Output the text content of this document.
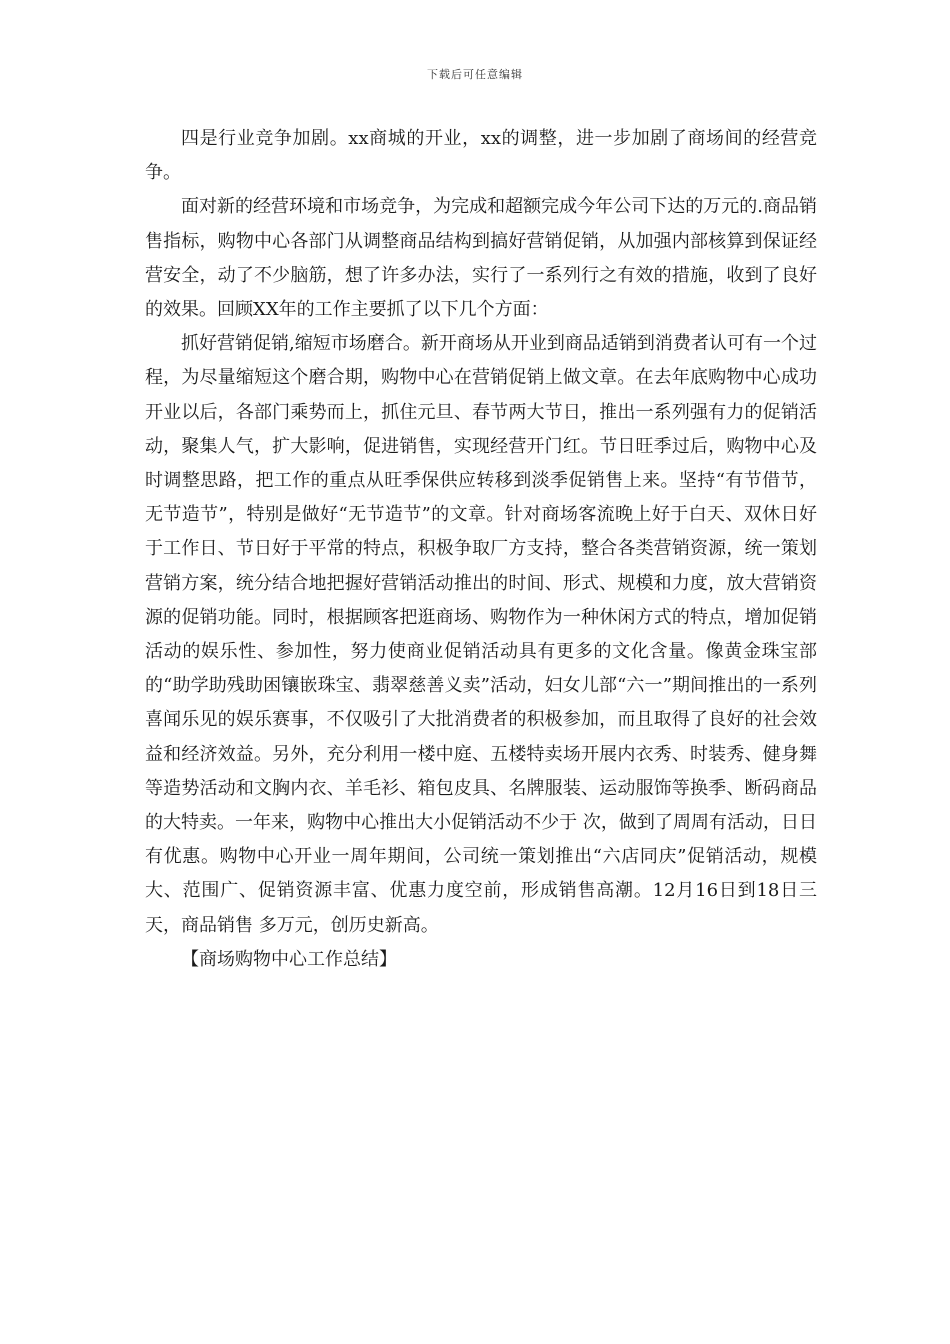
下载后可任意编辑

四是行业竞争加剧。xx商城的开业，xx的调整，进一步加剧了商场间的经营竞争。

面对新的经营环境和市场竞争，为完成和超额完成今年公司下达的万元的.商品销售指标，购物中心各部门从调整商品结构到搞好营销促销，从加强内部核算到保证经营安全，动了不少脑筋，想了许多办法，实行了一系列行之有效的措施，收到了良好的效果。回顾XX年的工作主要抓了以下几个方面：

抓好营销促销,缩短市场磨合。新开商场从开业到商品适销到消费者认可有一个过程，为尽量缩短这个磨合期，购物中心在营销促销上做文章。在去年底购物中心成功开业以后，各部门乘势而上，抓住元旦、春节两大节日，推出一系列强有力的促销活动，聚集人气，扩大影响，促进销售，实现经营开门红。节日旺季过后，购物中心及时调整思路，把工作的重点从旺季保供应转移到淡季促销售上来。坚持“有节借节，无节造节”，特别是做好“无节造节”的文章。针对商场客流晚上好于白天、双休日好于工作日、节日好于平常的特点，积极争取厂方支持，整合各类营销资源，统一策划营销方案，统分结合地把握好营销活动推出的时间、形式、规模和力度，放大营销资源的促销功能。同时，根据顾客把逛商场、购物作为一种休闲方式的特点，增加促销活动的娱乐性、参加性，努力使商业促销活动具有更多的文化含量。像黄金珠宝部的“助学助残助困镶嵌珠宝、翡翠慈善义卖”活动，妇女儿部“六一”期间推出的一系列喜闻乐见的娱乐赛事，不仅吸引了大批消费者的积极参加，而且取得了良好的社会效益和经济效益。另外，充分利用一楼中庭、五楼特卖场开展内衣秀、时装秀、健身舞等造势活动和文胸内衣、羊毛衫、箱包皮具、名牌服装、运动服饰等换季、断码商品的大特卖。一年来，购物中心推出大小促销活动不少于 次，做到了周周有活动，日日有优惠。购物中心开业一周年期间，公司统一策划推出“六店同庆”促销活动，规模大、范围广、促销资源丰富、优惠力度空前，形成销售高潮。12月16日到18日三天，商品销售 多万元，创历史新高。

【商场购物中心工作总结】
